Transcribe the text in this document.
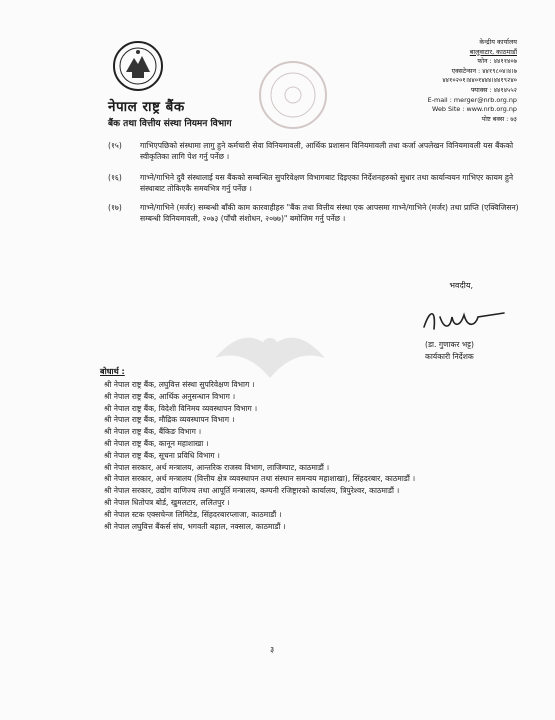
नेपाल राष्ट्र बैंक
बैंक तथा वित्तीय संस्था नियमन विभाग
केन्द्रीय कार्यालय
बालुवाटार, काठमाडौं
फोन : ४४११४०७
एक्सटेन्सन : ४४१९८०४।४।७
४४१०२०१।४४०१४४४।४४१९२४०
फ्याक्स : ४४१४५५२
E-mail : merger@nrb.org.np
Web Site : www.nrb.org.np
पोष्ट बक्स : ७३
(१५) गाभिएपछिको संस्थामा लागु हुने कर्मचारी सेवा विनियमावली, आर्थिक प्रशासन विनियमावली तथा कर्जा अपलेखन विनियमावली यस बैंकको स्वीकृतिका लागि पेश गर्नु पर्नेछ ।
(१६) गाभ्ने/गाभिने दुवै संस्थालाई यस बैंकको सम्बन्धित सुपरिवेक्षण विभागबाट दिइएका निर्देशनहरुको सुधार तथा कार्यान्वयन गाभिएर कायम हुने संस्थाबाट तोकिएकै समयभित्र गर्नु पर्नेछ ।
(१७) गाभ्ने/गाभिने (मर्जर) सम्बन्धी बाँकी काम कारवाहीहरु "बैंक तथा वित्तीय संस्था एक आपसमा गाभ्ने/गाभिने (मर्जर) तथा प्राप्ति (एक्विजिसन) सम्बन्धी विनियमावली, २०७३ (पाँचौ संशोधन, २०७७)" बमोजिम गर्नु पर्नेछ ।
भवदीय,
(डा. गुणाकर भट्ट)
कार्यकारी निर्देशक
बोधार्थ :
श्री नेपाल राष्ट्र बैंक, लघुवित्त संस्था सुपरिवेक्षण विभाग ।
श्री नेपाल राष्ट्र बैंक, आर्थिक अनुसन्धान विभाग ।
श्री नेपाल राष्ट्र बैंक, विदेशी विनिमय व्यवस्थापन विभाग ।
श्री नेपाल राष्ट्र बैंक, मौद्रिक व्यवस्थापन विभाग ।
श्री नेपाल राष्ट्र बैंक, बैंकिङ विभाग ।
श्री नेपाल राष्ट्र बैंक, कानून महाशाखा ।
श्री नेपाल राष्ट्र बैंक, सूचना प्रविधि विभाग ।
श्री नेपाल सरकार, अर्थ मन्त्रालय, आन्तरिक राजस्व विभाग, लाजिम्पाट, काठमाडौं ।
श्री नेपाल सरकार, अर्थ मन्त्रालय (वित्तीय क्षेत्र व्यवस्थापन तथा संस्थान समन्वय महाशाखा), सिंहदरबार, काठमाडौं ।
श्री नेपाल सरकार, उद्योग वाणिज्य तथा आपूर्ति मन्त्रालय, कम्पनी रजिष्ट्रारको कार्यालय, त्रिपुरेश्वर, काठमाडौं ।
श्री नेपाल धितोपत्र बोर्ड, खुमलटार, ललितपुर ।
श्री नेपाल स्टक एक्सचेन्ज लिमिटेड, सिंहदरबारप्लाजा, काठमाडौं ।
श्री नेपाल लघुवित्त बैंकर्स संघ, भगवती बहाल, नक्साल, काठमाडौं ।
३
